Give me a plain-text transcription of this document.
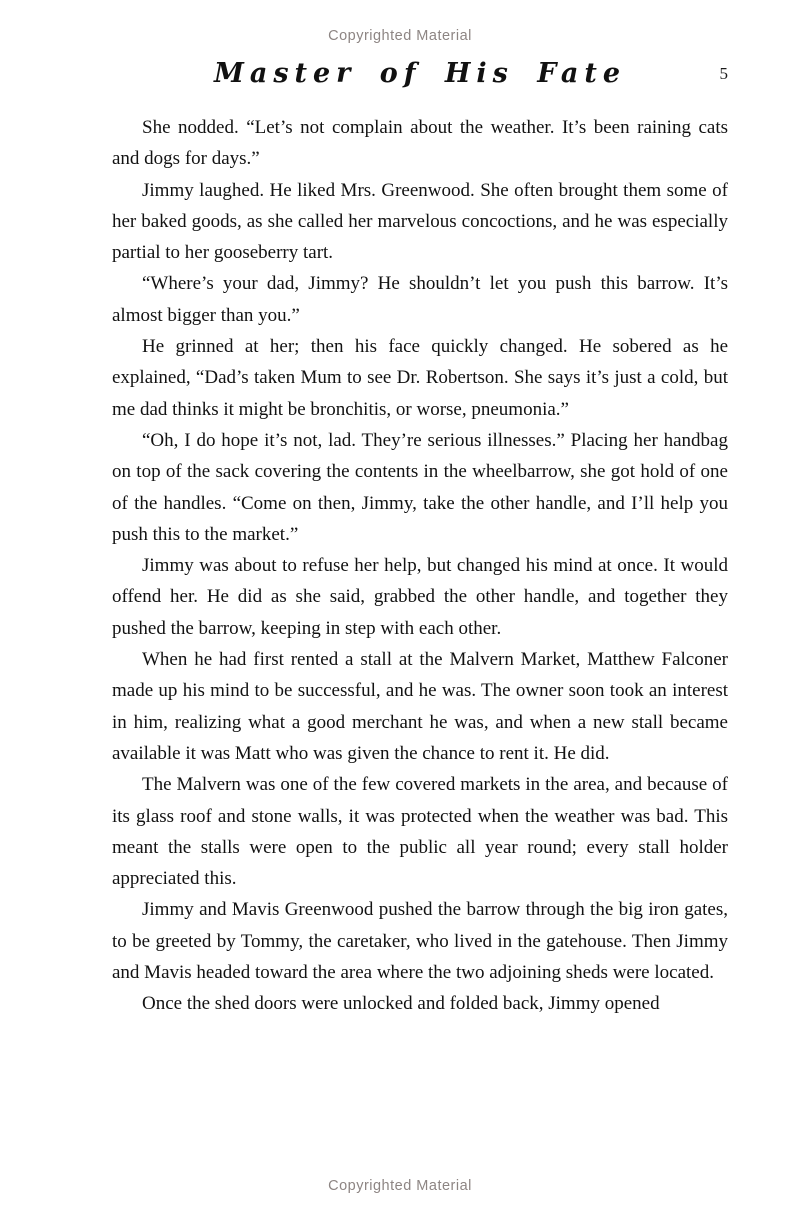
Copyrighted Material
Master of His Fate	5

She nodded. “Let’s not complain about the weather. It’s been raining cats and dogs for days.”

Jimmy laughed. He liked Mrs. Greenwood. She often brought them some of her baked goods, as she called her marvelous concoctions, and he was especially partial to her gooseberry tart.

“Where’s your dad, Jimmy? He shouldn’t let you push this barrow. It’s almost bigger than you.”

He grinned at her; then his face quickly changed. He sobered as he explained, “Dad’s taken Mum to see Dr. Robertson. She says it’s just a cold, but me dad thinks it might be bronchitis, or worse, pneumonia.”

“Oh, I do hope it’s not, lad. They’re serious illnesses.” Placing her handbag on top of the sack covering the contents in the wheelbarrow, she got hold of one of the handles. “Come on then, Jimmy, take the other handle, and I’ll help you push this to the market.”

Jimmy was about to refuse her help, but changed his mind at once. It would offend her. He did as she said, grabbed the other handle, and together they pushed the barrow, keeping in step with each other.

When he had first rented a stall at the Malvern Market, Matthew Falconer made up his mind to be successful, and he was. The owner soon took an interest in him, realizing what a good merchant he was, and when a new stall became available it was Matt who was given the chance to rent it. He did.

The Malvern was one of the few covered markets in the area, and because of its glass roof and stone walls, it was protected when the weather was bad. This meant the stalls were open to the public all year round; every stall holder appreciated this.

Jimmy and Mavis Greenwood pushed the barrow through the big iron gates, to be greeted by Tommy, the caretaker, who lived in the gatehouse. Then Jimmy and Mavis headed toward the area where the two adjoining sheds were located.

Once the shed doors were unlocked and folded back, Jimmy opened

Copyrighted Material
